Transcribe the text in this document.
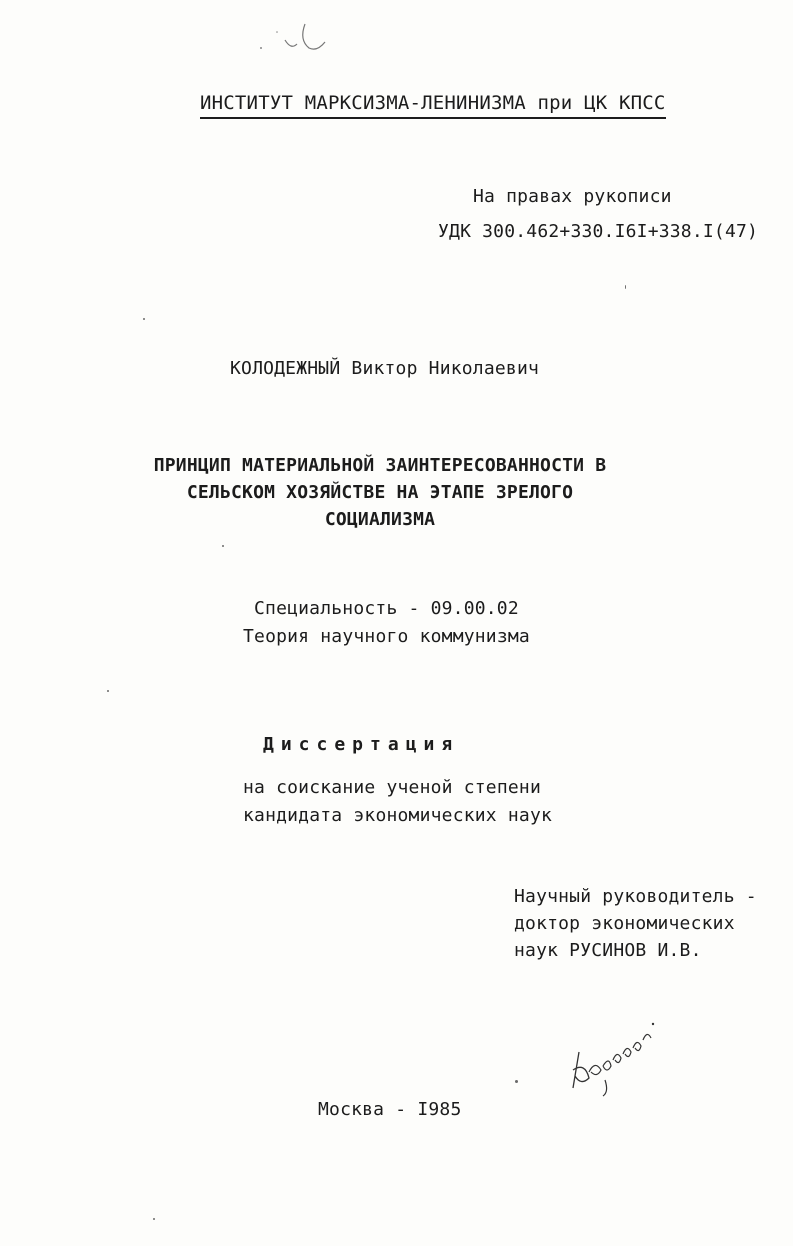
ИНСТИТУТ МАРКСИЗМА-ЛЕНИНИЗМА при ЦК КПСС
На правах рукописи
УДК 300.462+330.I6I+338.I(47)
КОЛОДЕЖНЫЙ Виктор Николаевич
ПРИНЦИП МАТЕРИАЛЬНОЙ ЗАИНТЕРЕСОВАННОСТИ В
СЕЛЬСКОМ ХОЗЯЙСТВЕ НА ЭТАПЕ ЗРЕЛОГО
СОЦИАЛИЗМА
Специальность - 09.00.02
Теория научного коммунизма
Диссертация
на соискание ученой степени
кандидата экономических наук
Научный руководитель -
доктор экономических
наук РУСИНОВ И.В.
Москва - I985
